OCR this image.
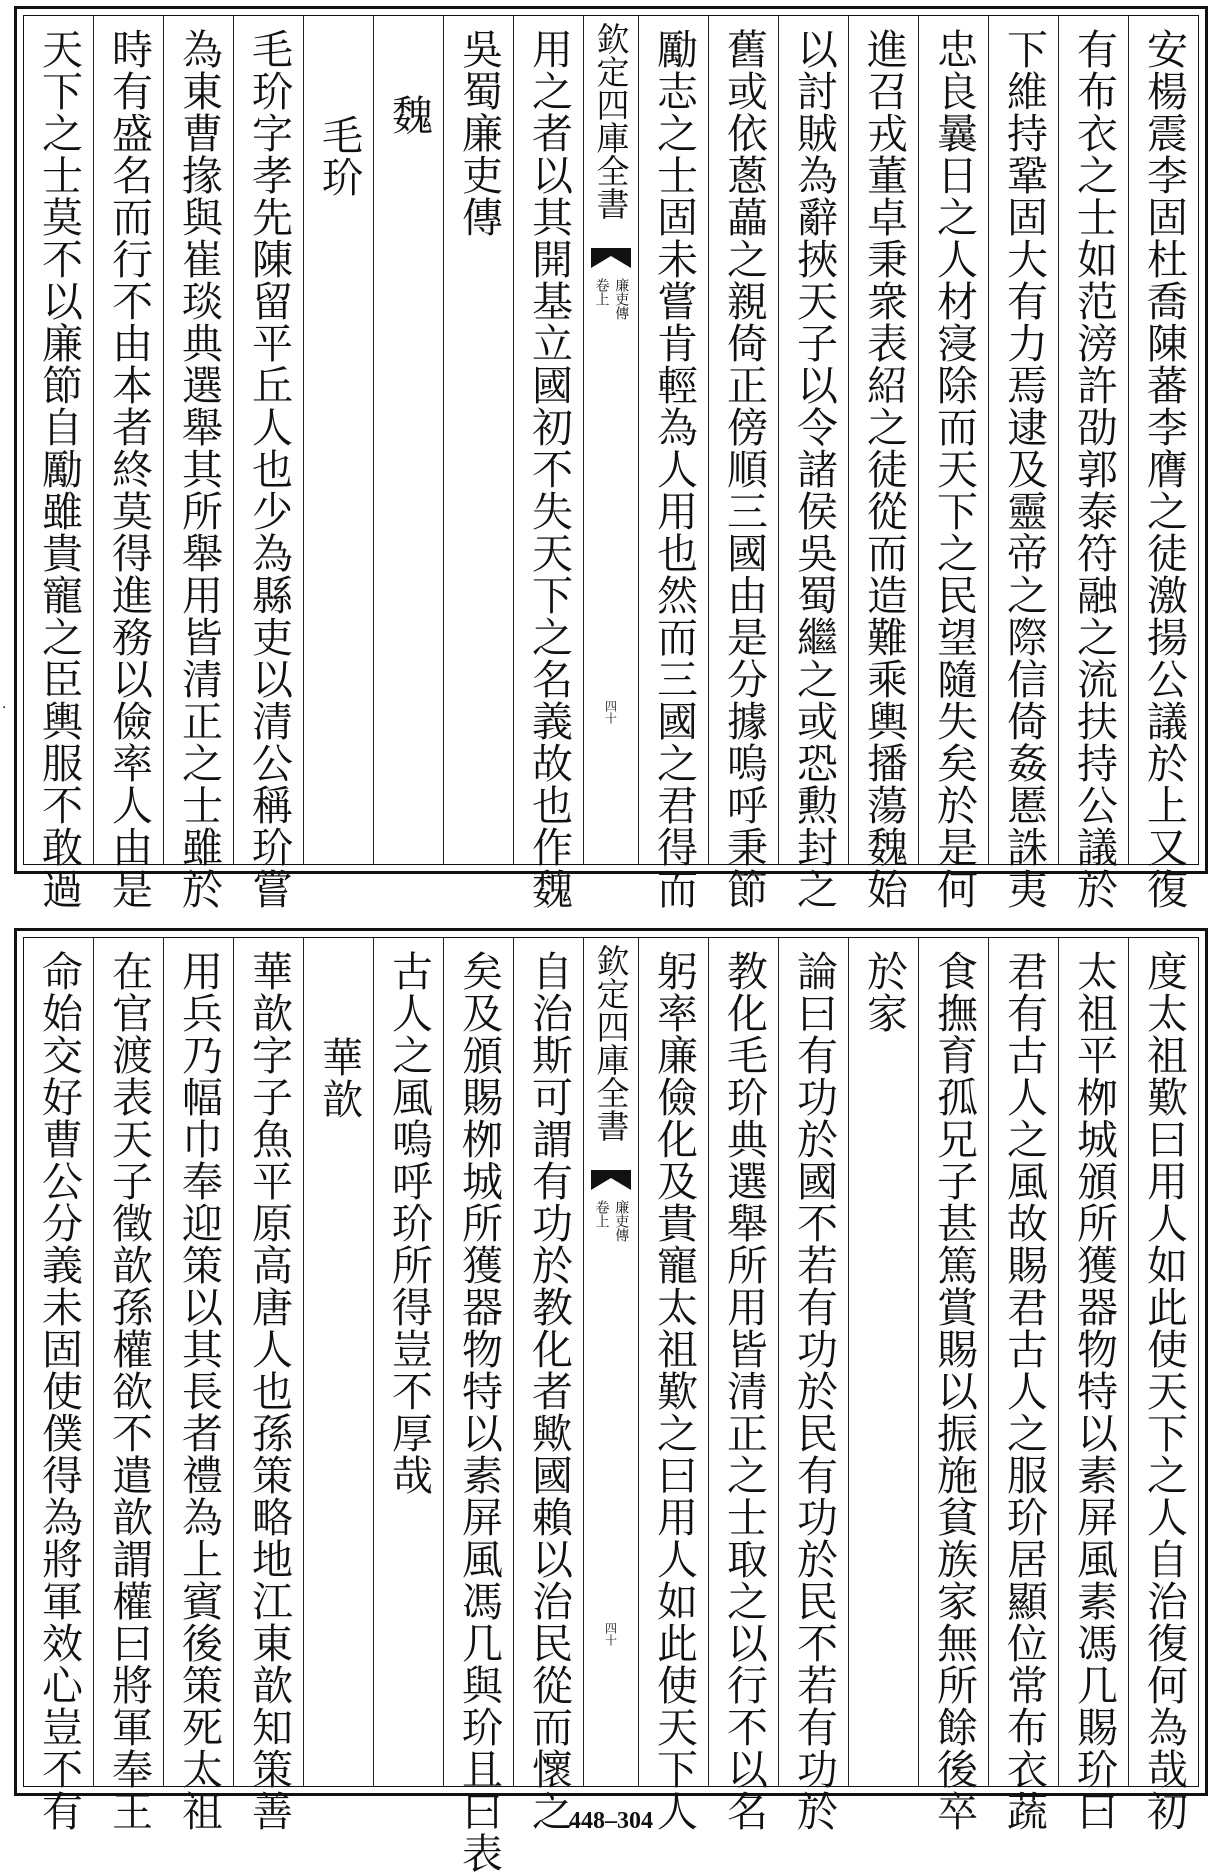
安楊震李固杜喬陳蕃李膺之徒激揚公議於上又復
有布衣之士如范滂許劭郭泰符融之流扶持公議於
下維持鞏固大有力焉逮及靈帝之際信倚姦慝誅夷
忠良曩日之人材寖除而天下之民望隨失矣於是何
進召戎董卓秉衆表紹之徒從而造難乘輿播蕩魏始
以討賊為辭挾天子以令諸侯吳蜀繼之或恐勲封之
舊或依蔥藟之親倚正傍順三國由是分據嗚呼秉節
勵志之士固未嘗肯輕為人用也然而三國之君得而
欽定四庫全書
廉吏傳
卷上
四十
用之者以其開基立國初不失天下之名義故也作魏
吳蜀廉吏傳
魏
毛玠
毛玠字孝先陳留平丘人也少為縣吏以清公稱玠嘗
為東曹掾與崔琰典選舉其所舉用皆清正之士雖於
時有盛名而行不由本者終莫得進務以儉率人由是
天下之士莫不以廉節自勵雖貴寵之臣輿服不敢過
度太祖歎曰用人如此使天下之人自治復何為哉初
太祖平栁城頒所獲器物特以素屏風素馮几賜玠曰
君有古人之風故賜君古人之服玠居顯位常布衣蔬
食撫育孤兄子甚篤賞賜以振施貧族家無所餘後卒
於家
論曰有功於國不若有功於民有功於民不若有功於
教化毛玠典選舉所用皆清正之士取之以行不以名
躬率廉儉化及貴寵太祖歎之曰用人如此使天下人
欽定四庫全書
廉吏傳
卷上
四十
自治斯可謂有功於教化者歟國賴以治民從而懷之
矣及頒賜栁城所獲器物特以素屏風馮几與玠且曰表
古人之風嗚呼玠所得豈不厚哉
華歆
華歆字子魚平原高唐人也孫策略地江東歆知策善
用兵乃幅巾奉迎策以其長者禮為上賓後策死太祖
在官渡表天子徵歆孫權欲不遣歆謂權曰將軍奉王
命始交好曹公分義未固使僕得為將軍效心豈不有
·
448–304
